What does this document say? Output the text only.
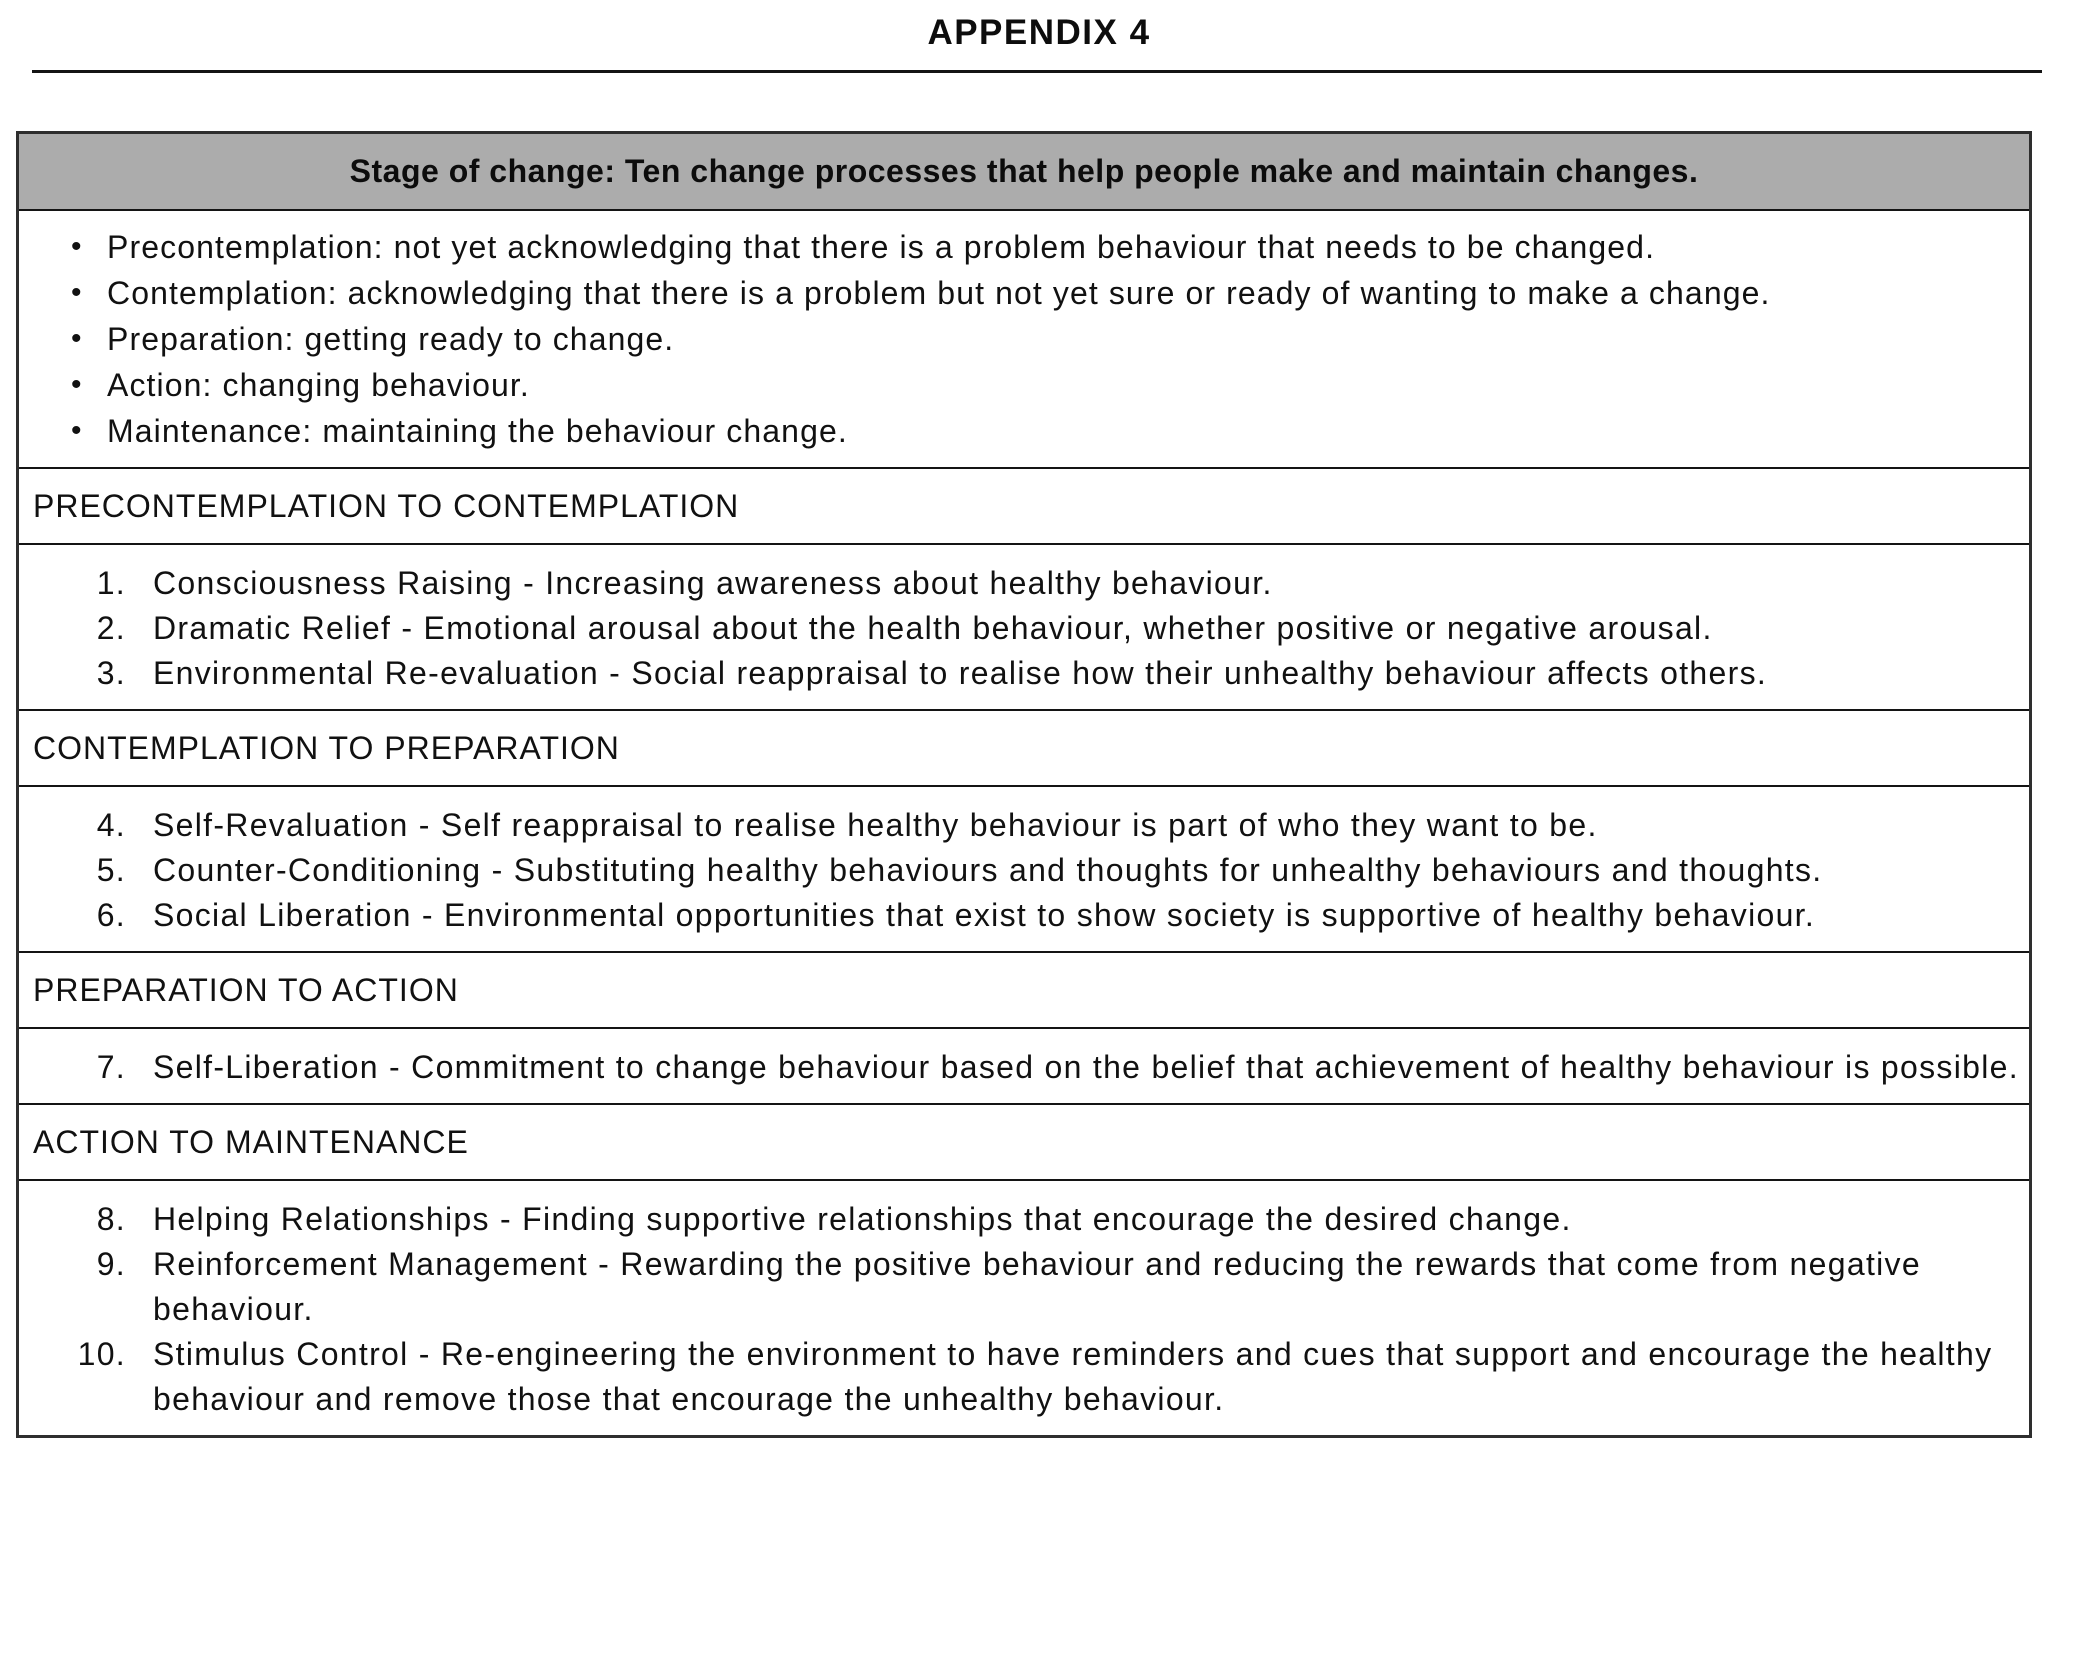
APPENDIX 4
Stage of change: Ten change processes that help people make and maintain changes.
• Precontemplation: not yet acknowledging that there is a problem behaviour that needs to be changed.
• Contemplation: acknowledging that there is a problem but not yet sure or ready of wanting to make a change.
• Preparation: getting ready to change.
• Action: changing behaviour.
• Maintenance: maintaining the behaviour change.
PRECONTEMPLATION TO CONTEMPLATION
1. Consciousness Raising - Increasing awareness about healthy behaviour.
2. Dramatic Relief - Emotional arousal about the health behaviour, whether positive or negative arousal.
3. Environmental Re-evaluation - Social reappraisal to realise how their unhealthy behaviour affects others.
CONTEMPLATION TO PREPARATION
4. Self-Revaluation - Self reappraisal to realise healthy behaviour is part of who they want to be.
5. Counter-Conditioning - Substituting healthy behaviours and thoughts for unhealthy behaviours and thoughts.
6. Social Liberation - Environmental opportunities that exist to show society is supportive of healthy behaviour.
PREPARATION TO ACTION
7. Self-Liberation - Commitment to change behaviour based on the belief that achievement of healthy behaviour is possible.
ACTION TO MAINTENANCE
8. Helping Relationships - Finding supportive relationships that encourage the desired change.
9. Reinforcement Management - Rewarding the positive behaviour and reducing the rewards that come from negative behaviour.
10. Stimulus Control - Re-engineering the environment to have reminders and cues that support and encourage the healthy behaviour and remove those that encourage the unhealthy behaviour.
